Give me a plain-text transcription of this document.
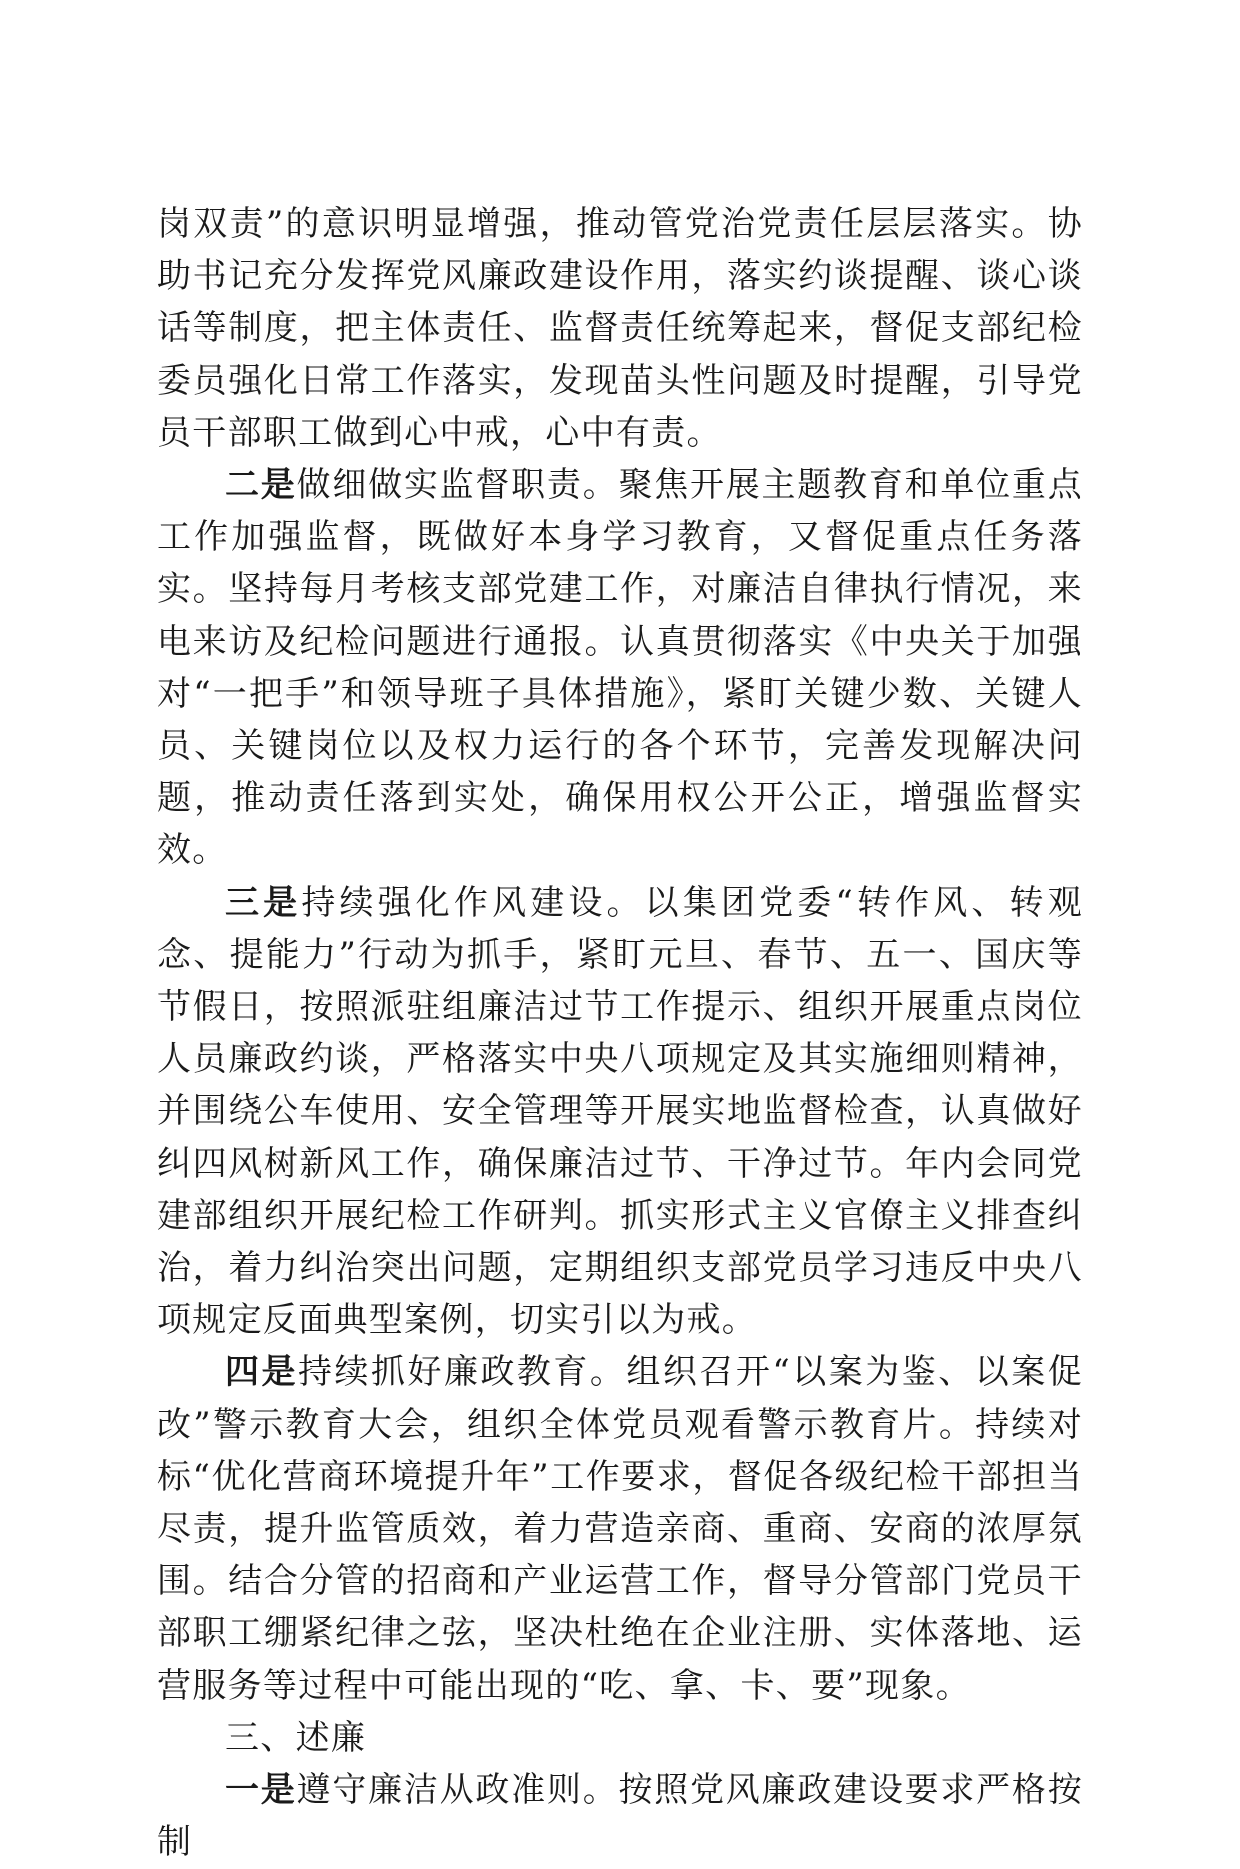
岗双责”的意识明显增强，推动管党治党责任层层落实。协助书记充分发挥党风廉政建设作用，落实约谈提醒、谈心谈话等制度，把主体责任、监督责任统筹起来，督促支部纪检委员强化日常工作落实，发现苗头性问题及时提醒，引导党员干部职工做到心中戒，心中有责。

二是做细做实监督职责。聚焦开展主题教育和单位重点工作加强监督，既做好本身学习教育，又督促重点任务落实。坚持每月考核支部党建工作，对廉洁自律执行情况，来电来访及纪检问题进行通报。认真贯彻落实《中央关于加强对“一把手”和领导班子具体措施》，紧盯关键少数、关键人员、关键岗位以及权力运行的各个环节，完善发现解决问题，推动责任落到实处，确保用权公开公正，增强监督实效。

三是持续强化作风建设。以集团党委“转作风、转观念、提能力”行动为抓手，紧盯元旦、春节、五一、国庆等节假日，按照派驻组廉洁过节工作提示、组织开展重点岗位人员廉政约谈，严格落实中央八项规定及其实施细则精神，并围绕公车使用、安全管理等开展实地监督检查，认真做好纠四风树新风工作，确保廉洁过节、干净过节。年内会同党建部组织开展纪检工作研判。抓实形式主义官僚主义排查纠治，着力纠治突出问题，定期组织支部党员学习违反中央八项规定反面典型案例，切实引以为戒。

四是持续抓好廉政教育。组织召开“以案为鉴、以案促改”警示教育大会，组织全体党员观看警示教育片。持续对标“优化营商环境提升年”工作要求，督促各级纪检干部担当尽责，提升监管质效，着力营造亲商、重商、安商的浓厚氛围。结合分管的招商和产业运营工作，督导分管部门党员干部职工绷紧纪律之弦，坚决杜绝在企业注册、实体落地、运营服务等过程中可能出现的“吃、拿、卡、要”现象。

三、述廉

一是遵守廉洁从政准则。按照党风廉政建设要求严格按制
